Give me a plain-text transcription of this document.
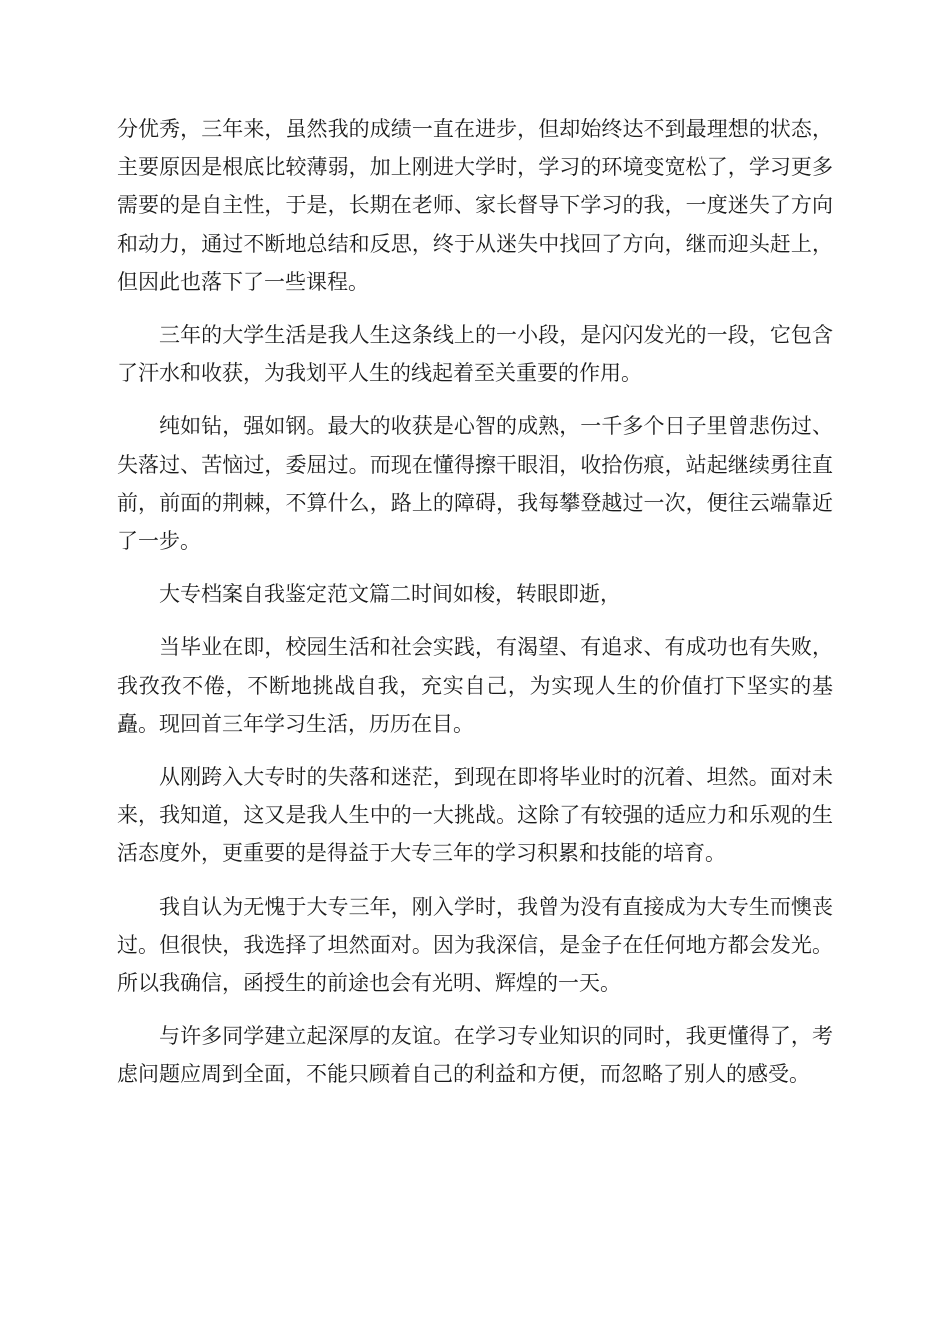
分优秀，三年来，虽然我的成绩一直在进步，但却始终达不到最理想的状态，主要原因是根底比较薄弱，加上刚进大学时，学习的环境变宽松了，学习更多需要的是自主性，于是，长期在老师、家长督导下学习的我，一度迷失了方向和动力，通过不断地总结和反思，终于从迷失中找回了方向，继而迎头赶上，但因此也落下了一些课程。

三年的大学生活是我人生这条线上的一小段，是闪闪发光的一段，它包含了汗水和收获，为我划平人生的线起着至关重要的作用。

纯如钻，强如钢。最大的收获是心智的成熟，一千多个日子里曾悲伤过、失落过、苦恼过，委屈过。而现在懂得擦干眼泪，收拾伤痕，站起继续勇往直前，前面的荆棘，不算什么，路上的障碍，我每攀登越过一次，便往云端靠近了一步。

大专档案自我鉴定范文篇二时间如梭，转眼即逝，

当毕业在即，校园生活和社会实践，有渴望、有追求、有成功也有失败，我孜孜不倦，不断地挑战自我，充实自己，为实现人生的价值打下坚实的基矗。现回首三年学习生活，历历在目。

从刚跨入大专时的失落和迷茫，到现在即将毕业时的沉着、坦然。面对未来，我知道，这又是我人生中的一大挑战。这除了有较强的适应力和乐观的生活态度外，更重要的是得益于大专三年的学习积累和技能的培育。

我自认为无愧于大专三年，刚入学时，我曾为没有直接成为大专生而懊丧过。但很快，我选择了坦然面对。因为我深信，是金子在任何地方都会发光。所以我确信，函授生的前途也会有光明、辉煌的一天。

与许多同学建立起深厚的友谊。在学习专业知识的同时，我更懂得了，考虑问题应周到全面，不能只顾着自己的利益和方便，而忽略了别人的感受。
